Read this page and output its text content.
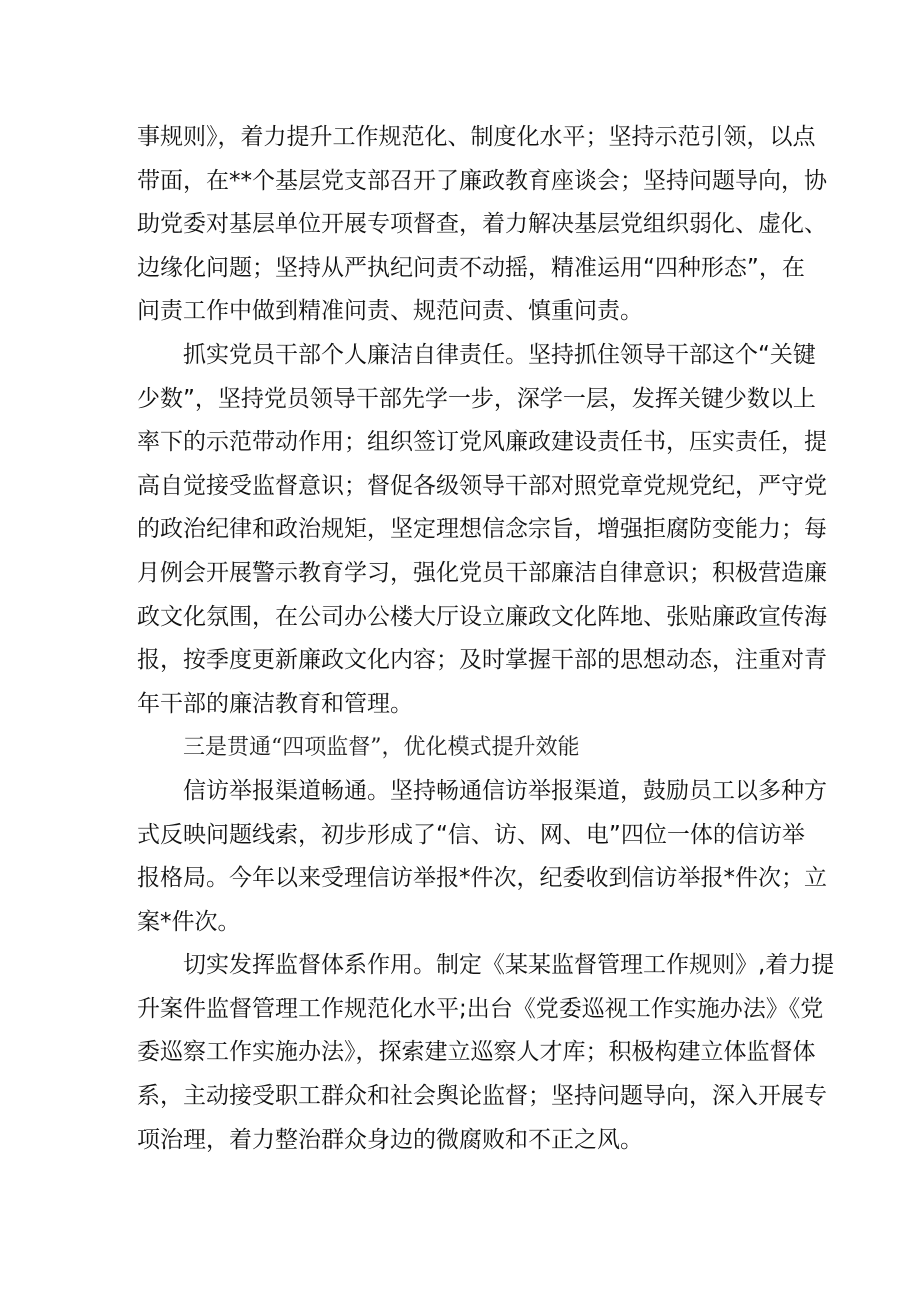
事规则》，着力提升工作规范化、制度化水平；坚持示范引领，以点
带面，在**个基层党支部召开了廉政教育座谈会；坚持问题导向，协
助党委对基层单位开展专项督查，着力解决基层党组织弱化、虚化、
边缘化问题；坚持从严执纪问责不动摇，精准运用“四种形态”，在
问责工作中做到精准问责、规范问责、慎重问责。
抓实党员干部个人廉洁自律责任。坚持抓住领导干部这个“关键
少数”，坚持党员领导干部先学一步，深学一层，发挥关键少数以上
率下的示范带动作用；组织签订党风廉政建设责任书，压实责任，提
高自觉接受监督意识；督促各级领导干部对照党章党规党纪，严守党
的政治纪律和政治规矩，坚定理想信念宗旨，增强拒腐防变能力；每
月例会开展警示教育学习，强化党员干部廉洁自律意识；积极营造廉
政文化氛围，在公司办公楼大厅设立廉政文化阵地、张贴廉政宣传海
报，按季度更新廉政文化内容；及时掌握干部的思想动态，注重对青
年干部的廉洁教育和管理。
三是贯通“四项监督”，优化模式提升效能
信访举报渠道畅通。坚持畅通信访举报渠道，鼓励员工以多种方
式反映问题线索，初步形成了“信、访、网、电”四位一体的信访举
报格局。今年以来受理信访举报*件次，纪委收到信访举报*件次；立
案*件次。
切实发挥监督体系作用。制定《某某监督管理工作规则》,着力提
升案件监督管理工作规范化水平;出台《党委巡视工作实施办法》《党
委巡察工作实施办法》，探索建立巡察人才库；积极构建立体监督体
系，主动接受职工群众和社会舆论监督；坚持问题导向，深入开展专
项治理，着力整治群众身边的微腐败和不正之风。
